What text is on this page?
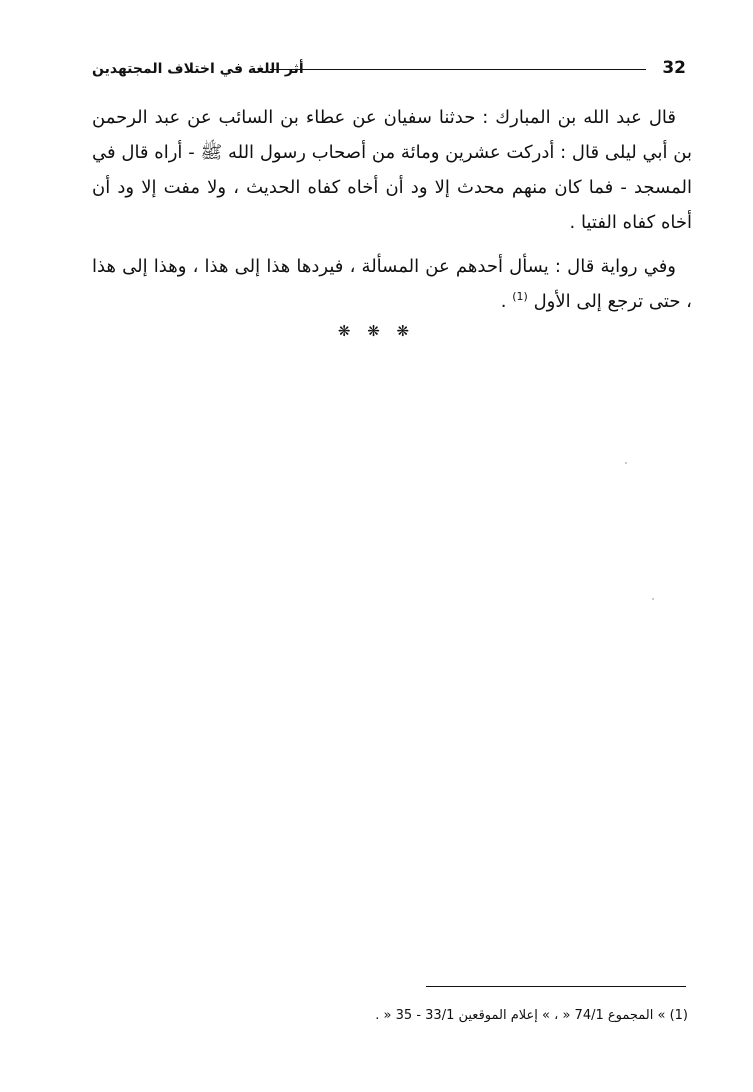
32
أثر اللغة في اختلاف المجتهدين

قال عبد الله بن المبارك : حدثنا سفيان عن عطاء بن السائب عن عبد الرحمن بن أبي ليلى قال : أدركت عشرين ومائة من أصحاب رسول الله ﷺ - أراه قال في المسجد - فما كان منهم محدث إلا ود أن أخاه كفاه الحديث ، ولا مفت إلا ود أن أخاه كفاه الفتيا .

وفي رواية قال : يسأل أحدهم عن المسألة ، فيردها هذا إلى هذا ، وهذا إلى هذا ، حتى ترجع إلى الأول $^{(1)}$ .

❋ ❋ ❋
(1) » المجموع 74/1 « ، » إعلام الموقعين 33/1 - 35 « .
